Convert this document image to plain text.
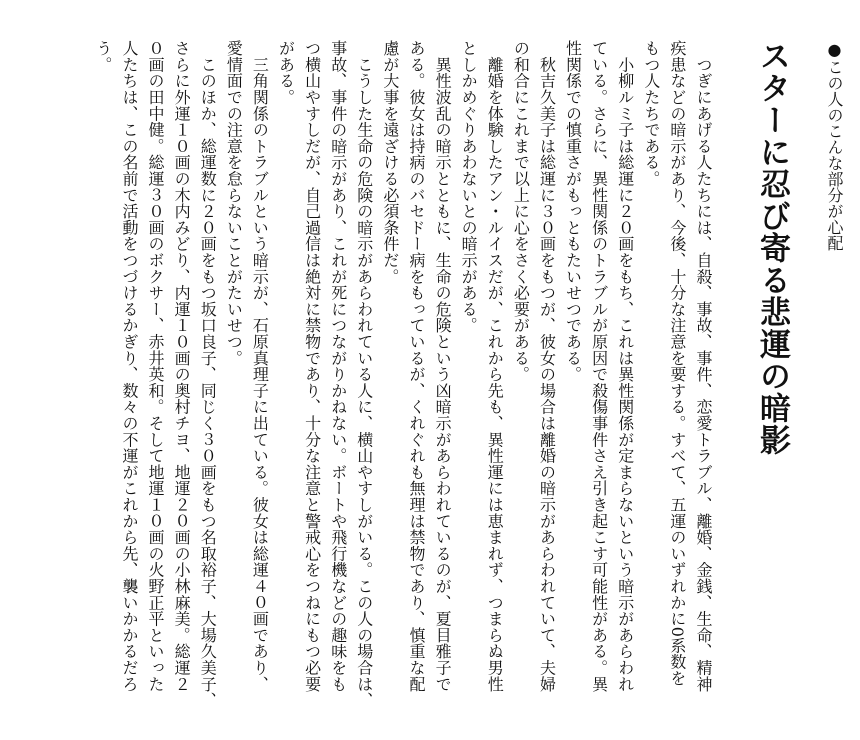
●この人のこんな部分が心配
スターに忍び寄る悲運の暗影
　つぎにあげる人たちには、自殺、事故、事件、恋愛トラブル、離婚、金銭、生命、精神
疾患などの暗示があり、今後、十分な注意を要する。すべて、五運のいずれかに0系数を
もつ人たちである。
　小柳ルミ子は総運に２０画をもち、これは異性関係が定まらないという暗示があらわれ
ている。さらに、異性関係のトラブルが原因で殺傷事件さえ引き起こす可能性がある。異
性関係での慎重さがもっともたいせつである。
　秋吉久美子は総運に３０画をもつが、彼女の場合は離婚の暗示があらわれていて、夫婦
の和合にこれまで以上に心をさく必要がある。
　離婚を体験したアン・ルイスだが、これから先も、異性運には恵まれず、つまらぬ男性
としかめぐりあわないとの暗示がある。
　異性波乱の暗示とともに、生命の危険という凶暗示があらわれているのが、夏目雅子で
ある。彼女は持病のバセドー病をもっているが、くれぐれも無理は禁物であり、慎重な配
慮が大事を遠ざける必須条件だ。
　こうした生命の危険の暗示があらわれている人に、横山やすしがいる。この人の場合は、
事故、事件の暗示があり、これが死につながりかねない。ボートや飛行機などの趣味をも
つ横山やすしだが、自己過信は絶対に禁物であり、十分な注意と警戒心をつねにもつ必要
がある。
　三角関係のトラブルという暗示が、石原真理子に出ている。彼女は総運４０画であり、
愛情面での注意を怠らないことがたいせつ。
　このほか、総運数に２０画をもつ坂口良子、同じく３０画をもつ名取裕子、大場久美子、
さらに外運１０画の木内みどり、内運１０画の奥村チヨ、地運２０画の小林麻美。総運２
０画の田中健。総運３０画のボクサー、赤井英和。そして地運１０画の火野正平といった
人たちは、この名前で活動をつづけるかぎり、数々の不運がこれから先、襲いかかるだろ
う。
